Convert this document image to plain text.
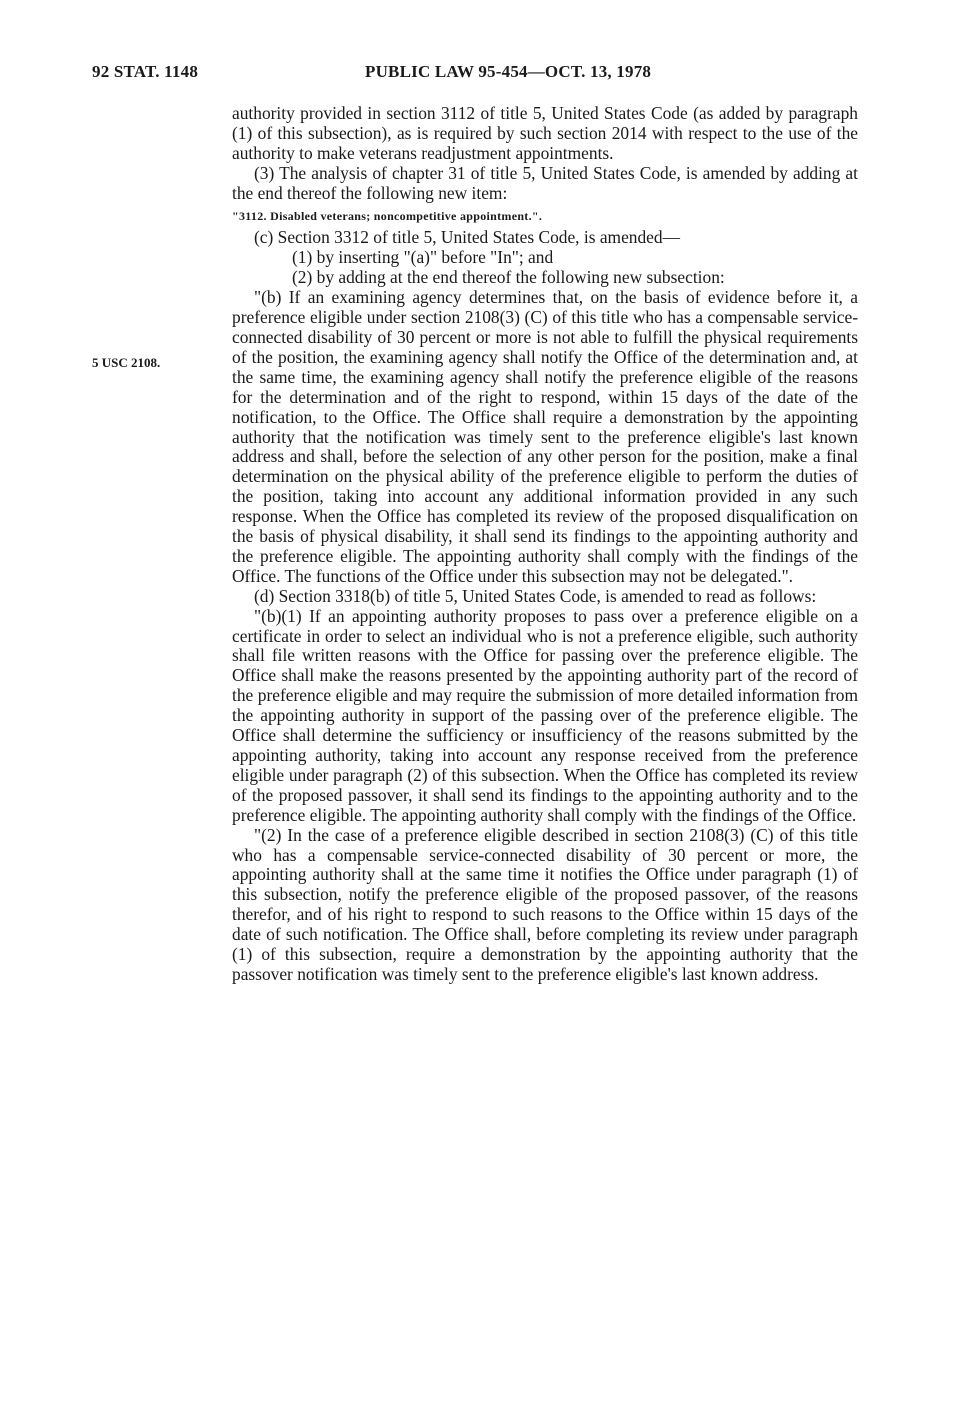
92 STAT. 1148	PUBLIC LAW 95-454—OCT. 13, 1978
5 USC 2108.

authority provided in section 3112 of title 5, United States Code (as added by paragraph (1) of this subsection), as is required by such section 2014 with respect to the use of the authority to make veterans readjustment appointments.

(3) The analysis of chapter 31 of title 5, United States Code, is amended by adding at the end thereof the following new item:

"3112. Disabled veterans; noncompetitive appointment.".

(c) Section 3312 of title 5, United States Code, is amended—

(1) by inserting "(a)" before "In"; and

(2) by adding at the end thereof the following new subsection:

"(b) If an examining agency determines that, on the basis of evidence before it, a preference eligible under section 2108(3) (C) of this title who has a compensable service-connected disability of 30 percent or more is not able to fulfill the physical requirements of the position, the examining agency shall notify the Office of the determination and, at the same time, the examining agency shall notify the preference eligible of the reasons for the determination and of the right to respond, within 15 days of the date of the notification, to the Office. The Office shall require a demonstration by the appointing authority that the notification was timely sent to the preference eligible's last known address and shall, before the selection of any other person for the position, make a final determination on the physical ability of the preference eligible to perform the duties of the position, taking into account any additional information provided in any such response. When the Office has completed its review of the proposed disqualification on the basis of physical disability, it shall send its findings to the appointing authority and the preference eligible. The appointing authority shall comply with the findings of the Office. The functions of the Office under this subsection may not be delegated.".

(d) Section 3318(b) of title 5, United States Code, is amended to read as follows:

"(b)(1) If an appointing authority proposes to pass over a preference eligible on a certificate in order to select an individual who is not a preference eligible, such authority shall file written reasons with the Office for passing over the preference eligible. The Office shall make the reasons presented by the appointing authority part of the record of the preference eligible and may require the submission of more detailed information from the appointing authority in support of the passing over of the preference eligible. The Office shall determine the sufficiency or insufficiency of the reasons submitted by the appointing authority, taking into account any response received from the preference eligible under paragraph (2) of this subsection. When the Office has completed its review of the proposed passover, it shall send its findings to the appointing authority and to the preference eligible. The appointing authority shall comply with the findings of the Office.

"(2) In the case of a preference eligible described in section 2108(3) (C) of this title who has a compensable service-connected disability of 30 percent or more, the appointing authority shall at the same time it notifies the Office under paragraph (1) of this subsection, notify the preference eligible of the proposed passover, of the reasons therefor, and of his right to respond to such reasons to the Office within 15 days of the date of such notification. The Office shall, before completing its review under paragraph (1) of this subsection, require a demonstration by the appointing authority that the passover notification was timely sent to the preference eligible's last known address.
